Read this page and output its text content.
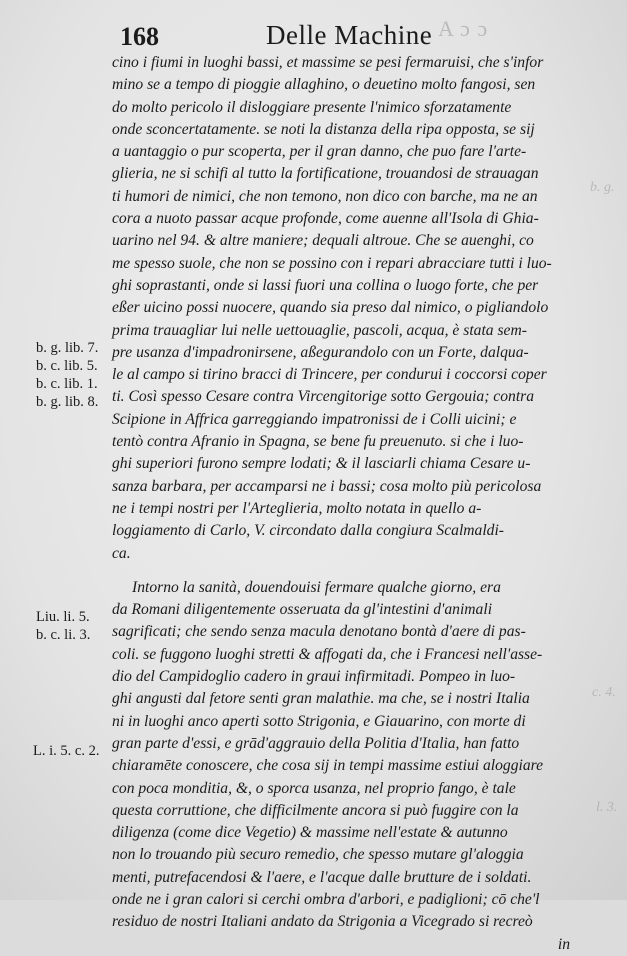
A ɔ ɔ
b. g.
c. 4.
l. 3.
168	Delle Machine
b. g. lib. 7.
b. c. lib. 5.
b. c. lib. 1.
b. g. lib. 8.
Liu. li. 5.
b. c. li. 3.
L. i. 5. c. 2.
cino i fiumi in luoghi bassi, et massime se pesi fermaruisi, che s'infor
mino se a tempo di pioggie allaghino, o deuetino molto fangosi, sen
do molto pericolo il disloggiare presente l'nimico sforzatamente
onde sconcertatamente. se noti la distanza della ripa opposta, se sij
a uantaggio o pur scoperta, per il gran danno, che puo fare l'arte-
glieria, ne si schifi al tutto la fortificatione, trouandosi de strauagan
ti humori de nimici, che non temono, non dico con barche, ma ne an
cora a nuoto passar acque profonde, come auenne all'Isola di Ghia-
uarino nel 94. & altre maniere; dequali altroue. Che se auenghi, co
me spesso suole, che non se possino con i repari abracciare tutti i luo-
ghi soprastanti, onde si lassi fuori una collina o luogo forte, che per
eßer uicino possi nuocere, quando sia preso dal nimico, o pigliandolo
prima trauagliar lui nelle uettouaglie, pascoli, acqua, è stata sem-
pre usanza d'impadronirsene, aßegurandolo con un Forte, dalqua-
le al campo si tirino bracci di Trincere, per condurui i coccorsi coper
ti. Così spesso Cesare contra Vircengitorige sotto Gergouia; contra
Scipione in Affrica garreggiando impatronissi de i Colli uicini; e
tentò contra Afranio in Spagna, se bene fu preuenuto. si che i luo-
ghi superiori furono sempre lodati; & il lasciarli chiama Cesare u-
sanza barbara, per accamparsi ne i bassi; cosa molto più pericolosa
ne i tempi nostri per l'Arteglieria, molto notata in quello a-
loggiamento di Carlo, V. circondato dalla congiura Scalmaldi-
ca.
Intorno la sanità, douendouisi fermare qualche giorno, era
da Romani diligentemente osseruata da gl'intestini d'animali
sagrificati; che sendo senza macula denotano bontà d'aere di pas-
coli. se fuggono luoghi stretti & affogati da, che i Francesi nell'asse-
dio del Campidoglio cadero in graui infirmitadi. Pompeo in luo-
ghi angusti dal fetore senti gran malathie. ma che, se i nostri Italia
ni in luoghi anco aperti sotto Strigonia, e Giauarino, con morte di
gran parte d'essi, e grād'aggrauio della Politia d'Italia, han fatto
chiaramēte conoscere, che cosa sij in tempi massime estiui aloggiare
con poca monditia, &, o sporca usanza, nel proprio fango, è tale
questa corruttione, che difficilmente ancora si può fuggire con la
diligenza (come dice Vegetio) & massime nell'estate & autunno
non lo trouando più securo remedio, che spesso mutare gl'aloggia
menti, putrefacendosi & l'aere, e l'acque dalle brutture de i soldati.
onde ne i gran calori si cerchi ombra d'arbori, e padiglioni; cō che'l
residuo de nostri Italiani andato da Strigonia a Vicegrado si recreò
in
